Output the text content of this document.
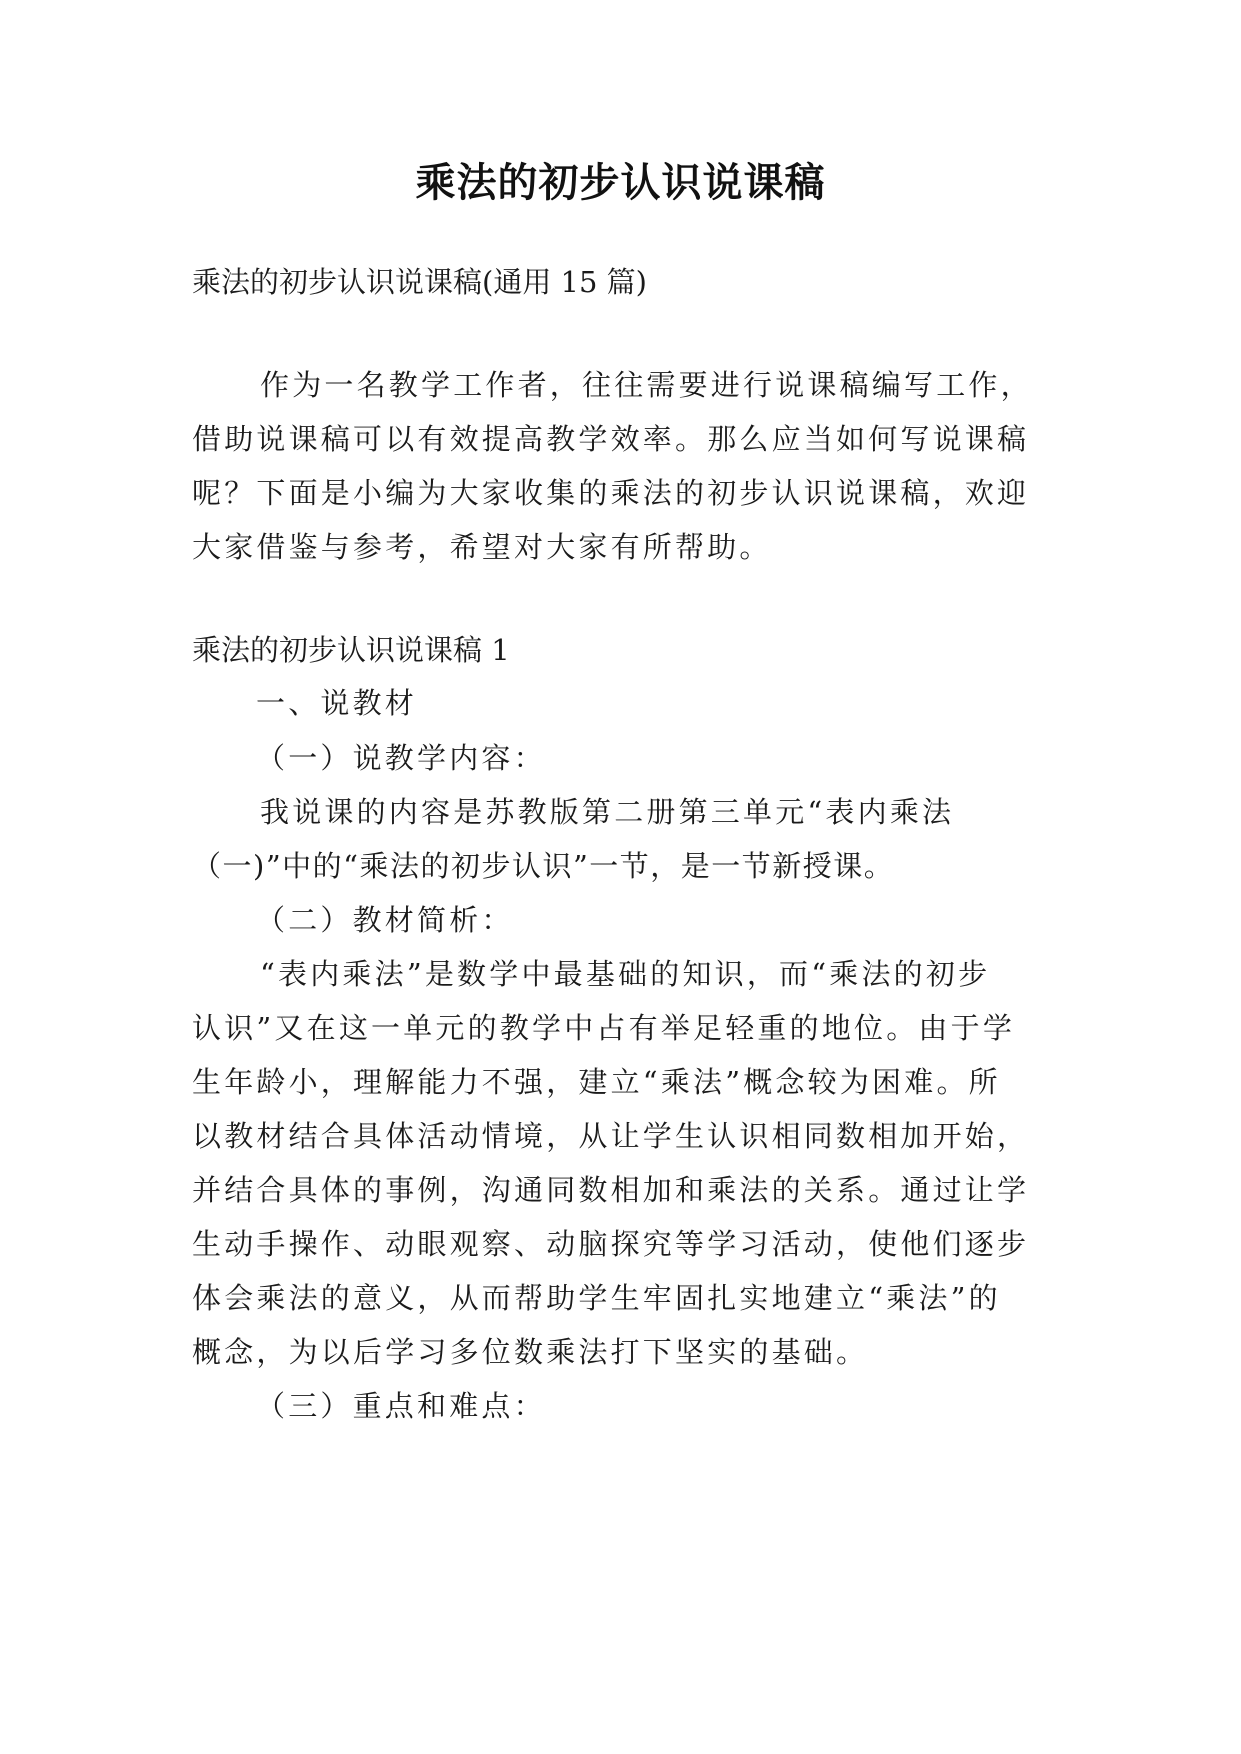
乘法的初步认识说课稿

乘法的初步认识说课稿(通用 15 篇)

作为一名教学工作者，往往需要进行说课稿编写工作，

借助说课稿可以有效提高教学效率。那么应当如何写说课稿

呢？下面是小编为大家收集的乘法的初步认识说课稿，欢迎

大家借鉴与参考，希望对大家有所帮助。

乘法的初步认识说课稿 1

一、说教材

（一）说教学内容：

我说课的内容是苏教版第二册第三单元“表内乘法

（一)”中的“乘法的初步认识”一节，是一节新授课。

（二）教材简析：

“表内乘法”是数学中最基础的知识，而“乘法的初步

认识”又在这一单元的教学中占有举足轻重的地位。由于学

生年龄小，理解能力不强，建立“乘法”概念较为困难。所

以教材结合具体活动情境，从让学生认识相同数相加开始，

并结合具体的事例，沟通同数相加和乘法的关系。通过让学

生动手操作、动眼观察、动脑探究等学习活动，使他们逐步

体会乘法的意义，从而帮助学生牢固扎实地建立“乘法”的

概念，为以后学习多位数乘法打下坚实的基础。

（三）重点和难点：
